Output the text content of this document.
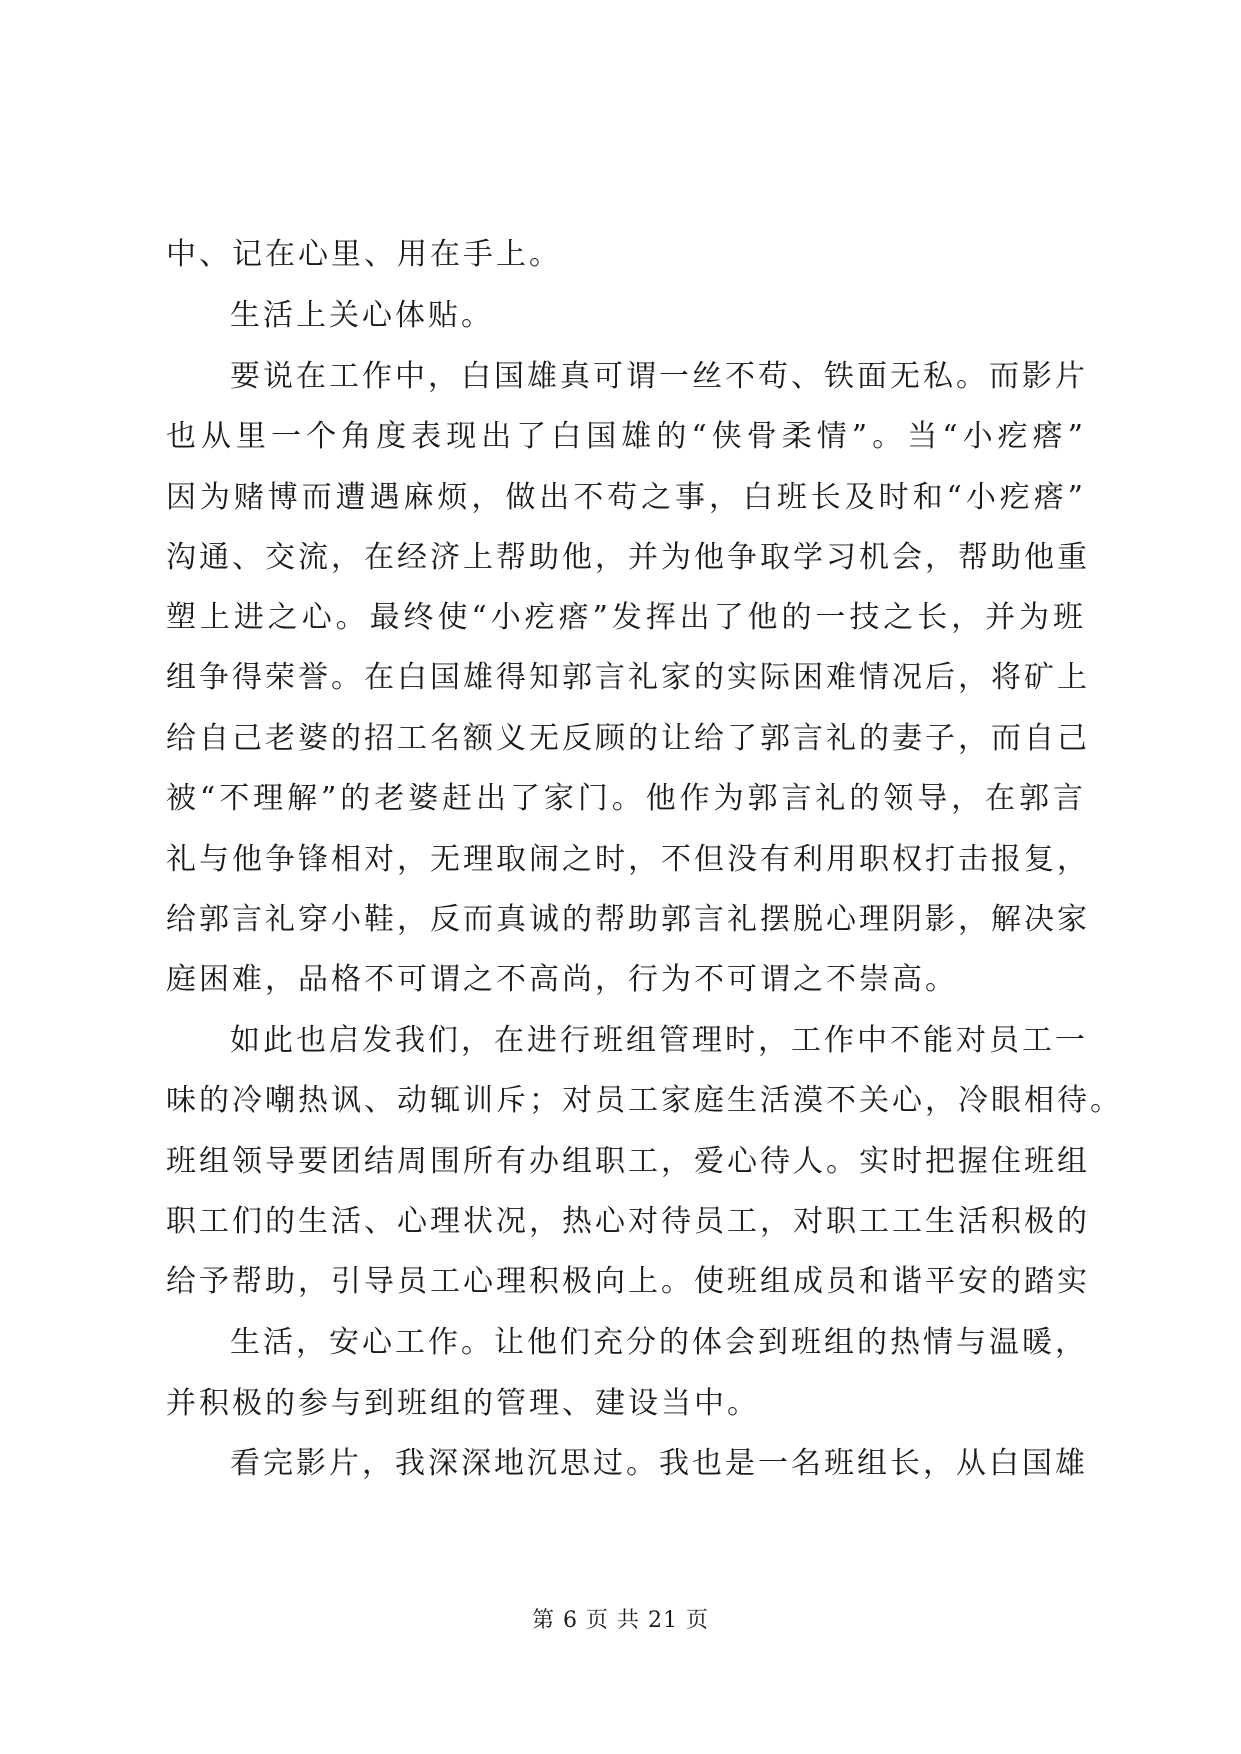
中、记在心里、用在手上。
生活上关心体贴。
要说在工作中，白国雄真可谓一丝不苟、铁面无私。而影片
也从里一个角度表现出了白国雄的“侠骨柔情”。当“小疙瘩”
因为赌博而遭遇麻烦，做出不苟之事，白班长及时和“小疙瘩”
沟通、交流，在经济上帮助他，并为他争取学习机会，帮助他重
塑上进之心。最终使“小疙瘩”发挥出了他的一技之长，并为班
组争得荣誉。在白国雄得知郭言礼家的实际困难情况后，将矿上
给自己老婆的招工名额义无反顾的让给了郭言礼的妻子，而自己
被“不理解”的老婆赶出了家门。他作为郭言礼的领导，在郭言
礼与他争锋相对，无理取闹之时，不但没有利用职权打击报复，
给郭言礼穿小鞋，反而真诚的帮助郭言礼摆脱心理阴影，解决家
庭困难，品格不可谓之不高尚，行为不可谓之不崇高。
如此也启发我们，在进行班组管理时，工作中不能对员工一
味的冷嘲热讽、动辄训斥；对员工家庭生活漠不关心，冷眼相待。
班组领导要团结周围所有办组职工，爱心待人。实时把握住班组
职工们的生活、心理状况，热心对待员工，对职工工生活积极的
给予帮助，引导员工心理积极向上。使班组成员和谐平安的踏实
生活，安心工作。让他们充分的体会到班组的热情与温暖，
并积极的参与到班组的管理、建设当中。
看完影片，我深深地沉思过。我也是一名班组长，从白国雄
第 6 页 共 21 页
